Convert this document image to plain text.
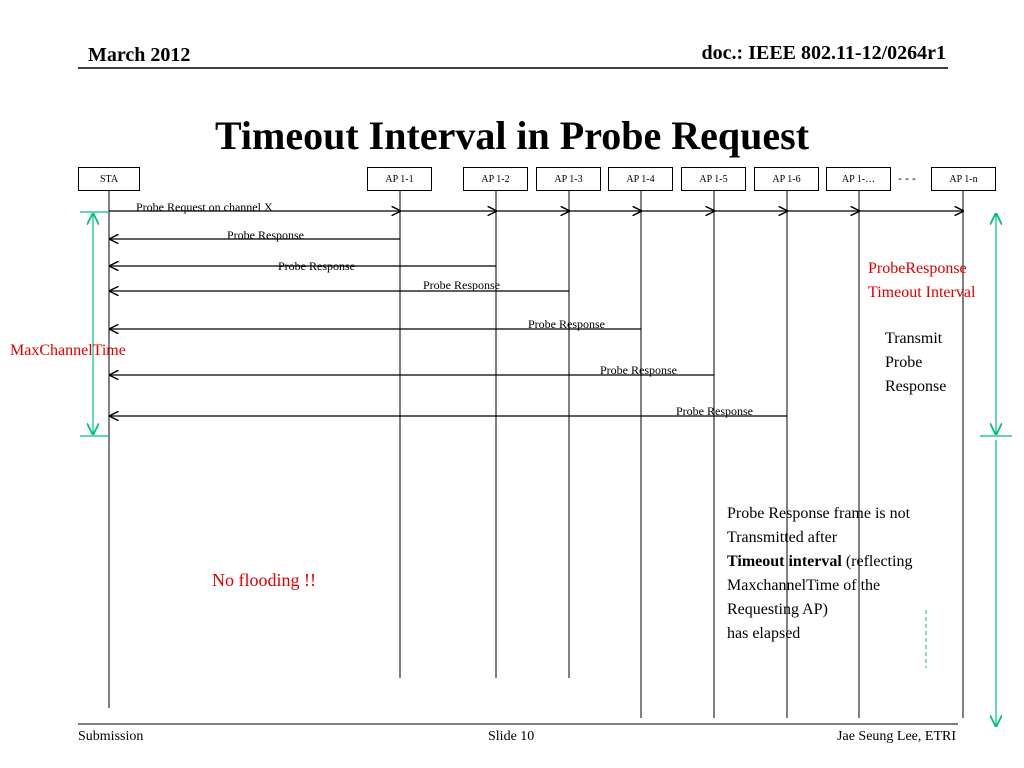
March 2012	doc.: IEEE 802.11-12/0264r1
Timeout Interval in Probe Request
STA	AP 1-1	AP 1-2	AP 1-3	AP 1-4	AP 1-5	AP 1-6	AP 1-…	AP 1-n
- - -
Probe Request on channel X
Probe Response
Probe Response
Probe Response
Probe Response
Probe Response
Probe Response
MaxChannelTime
ProbeResponse
Timeout Interval
Transmit
Probe
Response
No flooding !!
Probe Response frame is not
Transmitted after
Timeout interval (reflecting
MaxchannelTime of the
Requesting AP)
has elapsed
Submission	Slide 10	Jae Seung Lee, ETRI
